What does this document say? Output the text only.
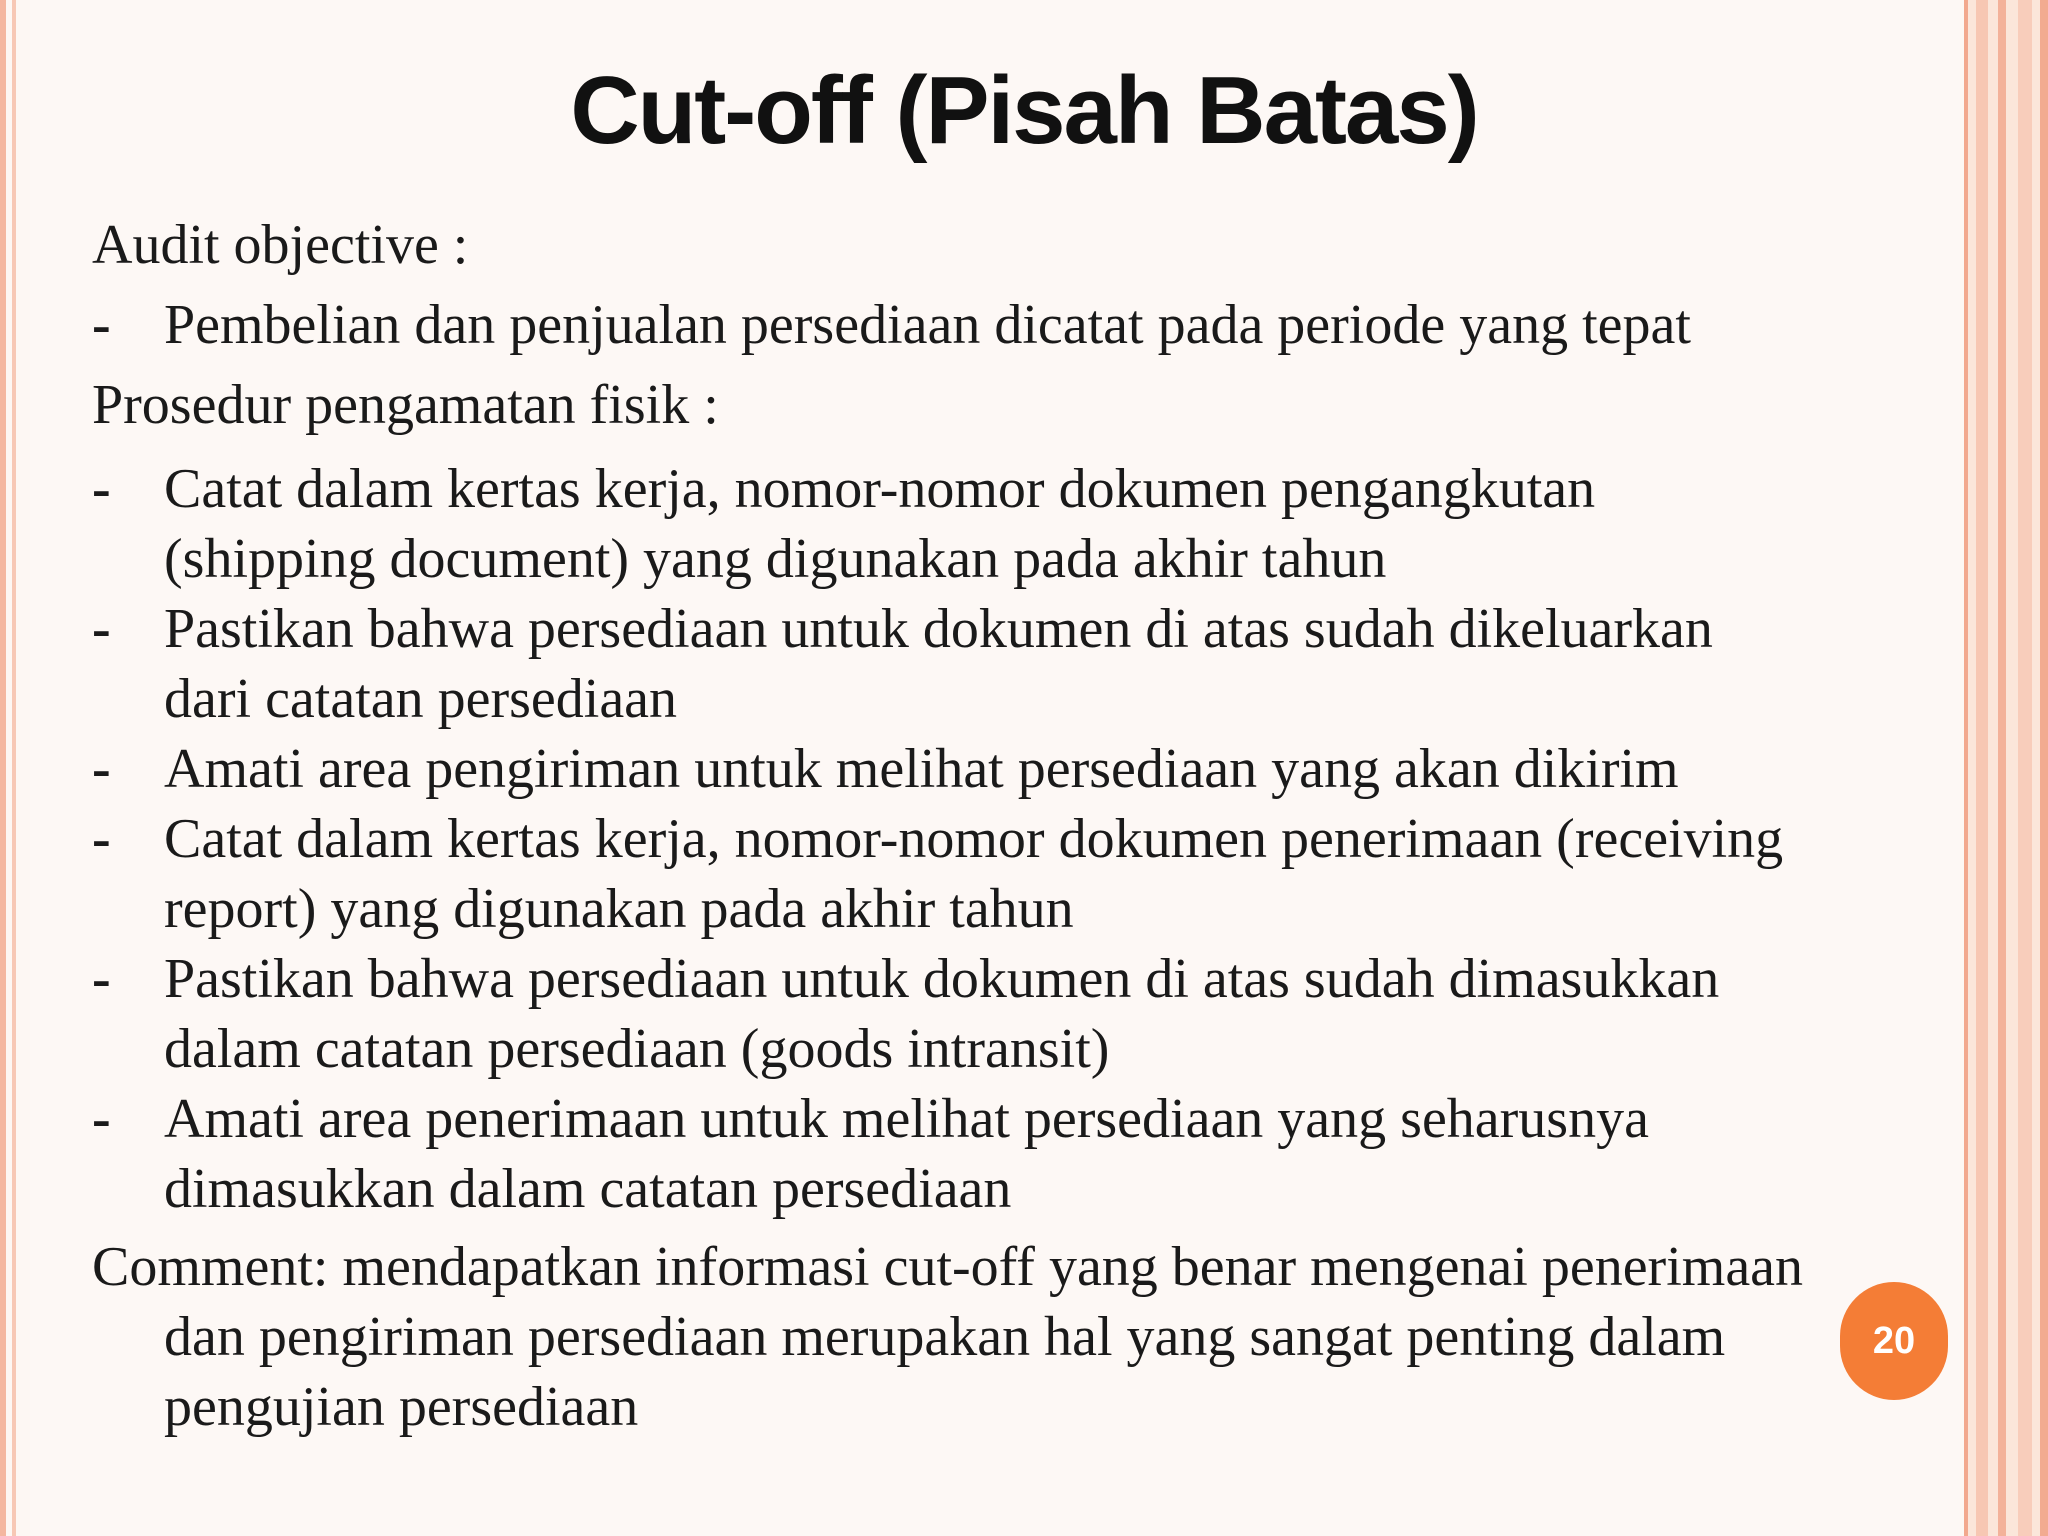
Cut-off (Pisah Batas)

Audit objective :

- Pembelian dan penjualan persediaan dicatat pada periode yang tepat

Prosedur pengamatan fisik :

- Catat dalam kertas kerja, nomor-nomor dokumen pengangkutan (shipping document) yang digunakan pada akhir tahun
- Pastikan bahwa persediaan untuk dokumen di atas sudah dikeluarkan dari catatan persediaan
- Amati area pengiriman untuk melihat persediaan yang akan dikirim
- Catat dalam kertas kerja, nomor-nomor dokumen penerimaan (receiving report) yang digunakan pada akhir tahun
- Pastikan bahwa persediaan untuk dokumen di atas sudah dimasukkan dalam catatan persediaan (goods intransit)
- Amati area penerimaan untuk melihat persediaan yang seharusnya dimasukkan dalam catatan persediaan

Comment: mendapatkan informasi cut-off yang benar mengenai penerimaan dan pengiriman persediaan merupakan hal yang sangat penting dalam pengujian persediaan

20
